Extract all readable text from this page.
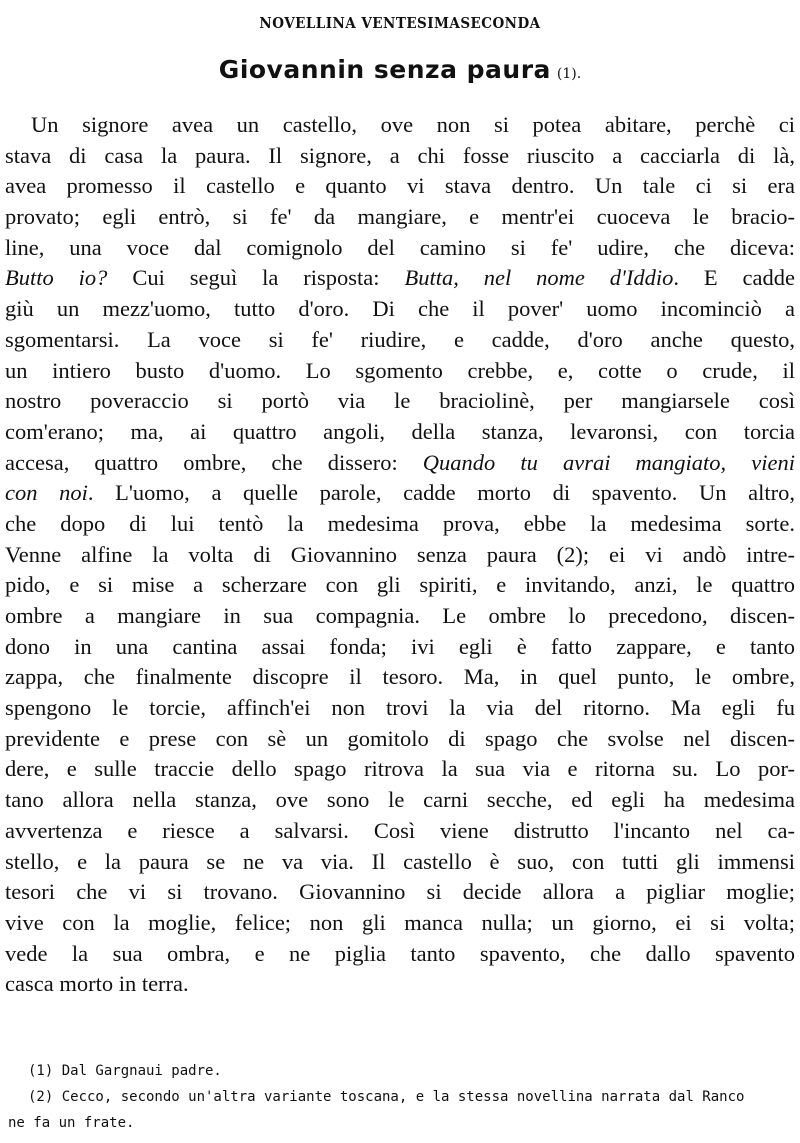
NOVELLINA VENTESIMASECONDA
Giovannin senza paura (1).
Un signore avea un castello, ove non si potea abitare, perchè ci
stava di casa la paura. Il signore, a chi fosse riuscito a cacciarla di là,
avea promesso il castello e quanto vi stava dentro. Un tale ci si era
provato; egli entrò, si fe' da mangiare, e mentr'ei cuoceva le bracio-
line, una voce dal comignolo del camino si fe' udire, che diceva:
Butto io? Cui seguì la risposta: Butta, nel nome d'Iddio. E cadde
giù un mezz'uomo, tutto d'oro. Di che il pover' uomo incominciò a
sgomentarsi. La voce si fe' riudire, e cadde, d'oro anche questo,
un intiero busto d'uomo. Lo sgomento crebbe, e, cotte o crude, il
nostro poveraccio si portò via le braciolinè, per mangiarsele così
com'erano; ma, ai quattro angoli, della stanza, levaronsi, con torcia
accesa, quattro ombre, che dissero: Quando tu avrai mangiato, vieni
con noi. L'uomo, a quelle parole, cadde morto di spavento. Un altro,
che dopo di lui tentò la medesima prova, ebbe la medesima sorte.
Venne alfine la volta di Giovannino senza paura (2); ei vi andò intre-
pido, e si mise a scherzare con gli spiriti, e invitando, anzi, le quattro
ombre a mangiare in sua compagnia. Le ombre lo precedono, discen-
dono in una cantina assai fonda; ivi egli è fatto zappare, e tanto
zappa, che finalmente discopre il tesoro. Ma, in quel punto, le ombre,
spengono le torcie, affinch'ei non trovi la via del ritorno. Ma egli fu
previdente e prese con sè un gomitolo di spago che svolse nel discen-
dere, e sulle traccie dello spago ritrova la sua via e ritorna su. Lo por-
tano allora nella stanza, ove sono le carni secche, ed egli ha medesima
avvertenza e riesce a salvarsi. Così viene distrutto l'incanto nel ca-
stello, e la paura se ne va via. Il castello è suo, con tutti gli immensi
tesori che vi si trovano. Giovannino si decide allora a pigliar moglie;
vive con la moglie, felice; non gli manca nulla; un giorno, ei si volta;
vede la sua ombra, e ne piglia tanto spavento, che dallo spavento
casca morto in terra.
(1) Dal Gargnaui padre.
(2) Cecco, secondo un'altra variante toscana, e la stessa novellina narrata dal Ranco
ne fa un frate.
